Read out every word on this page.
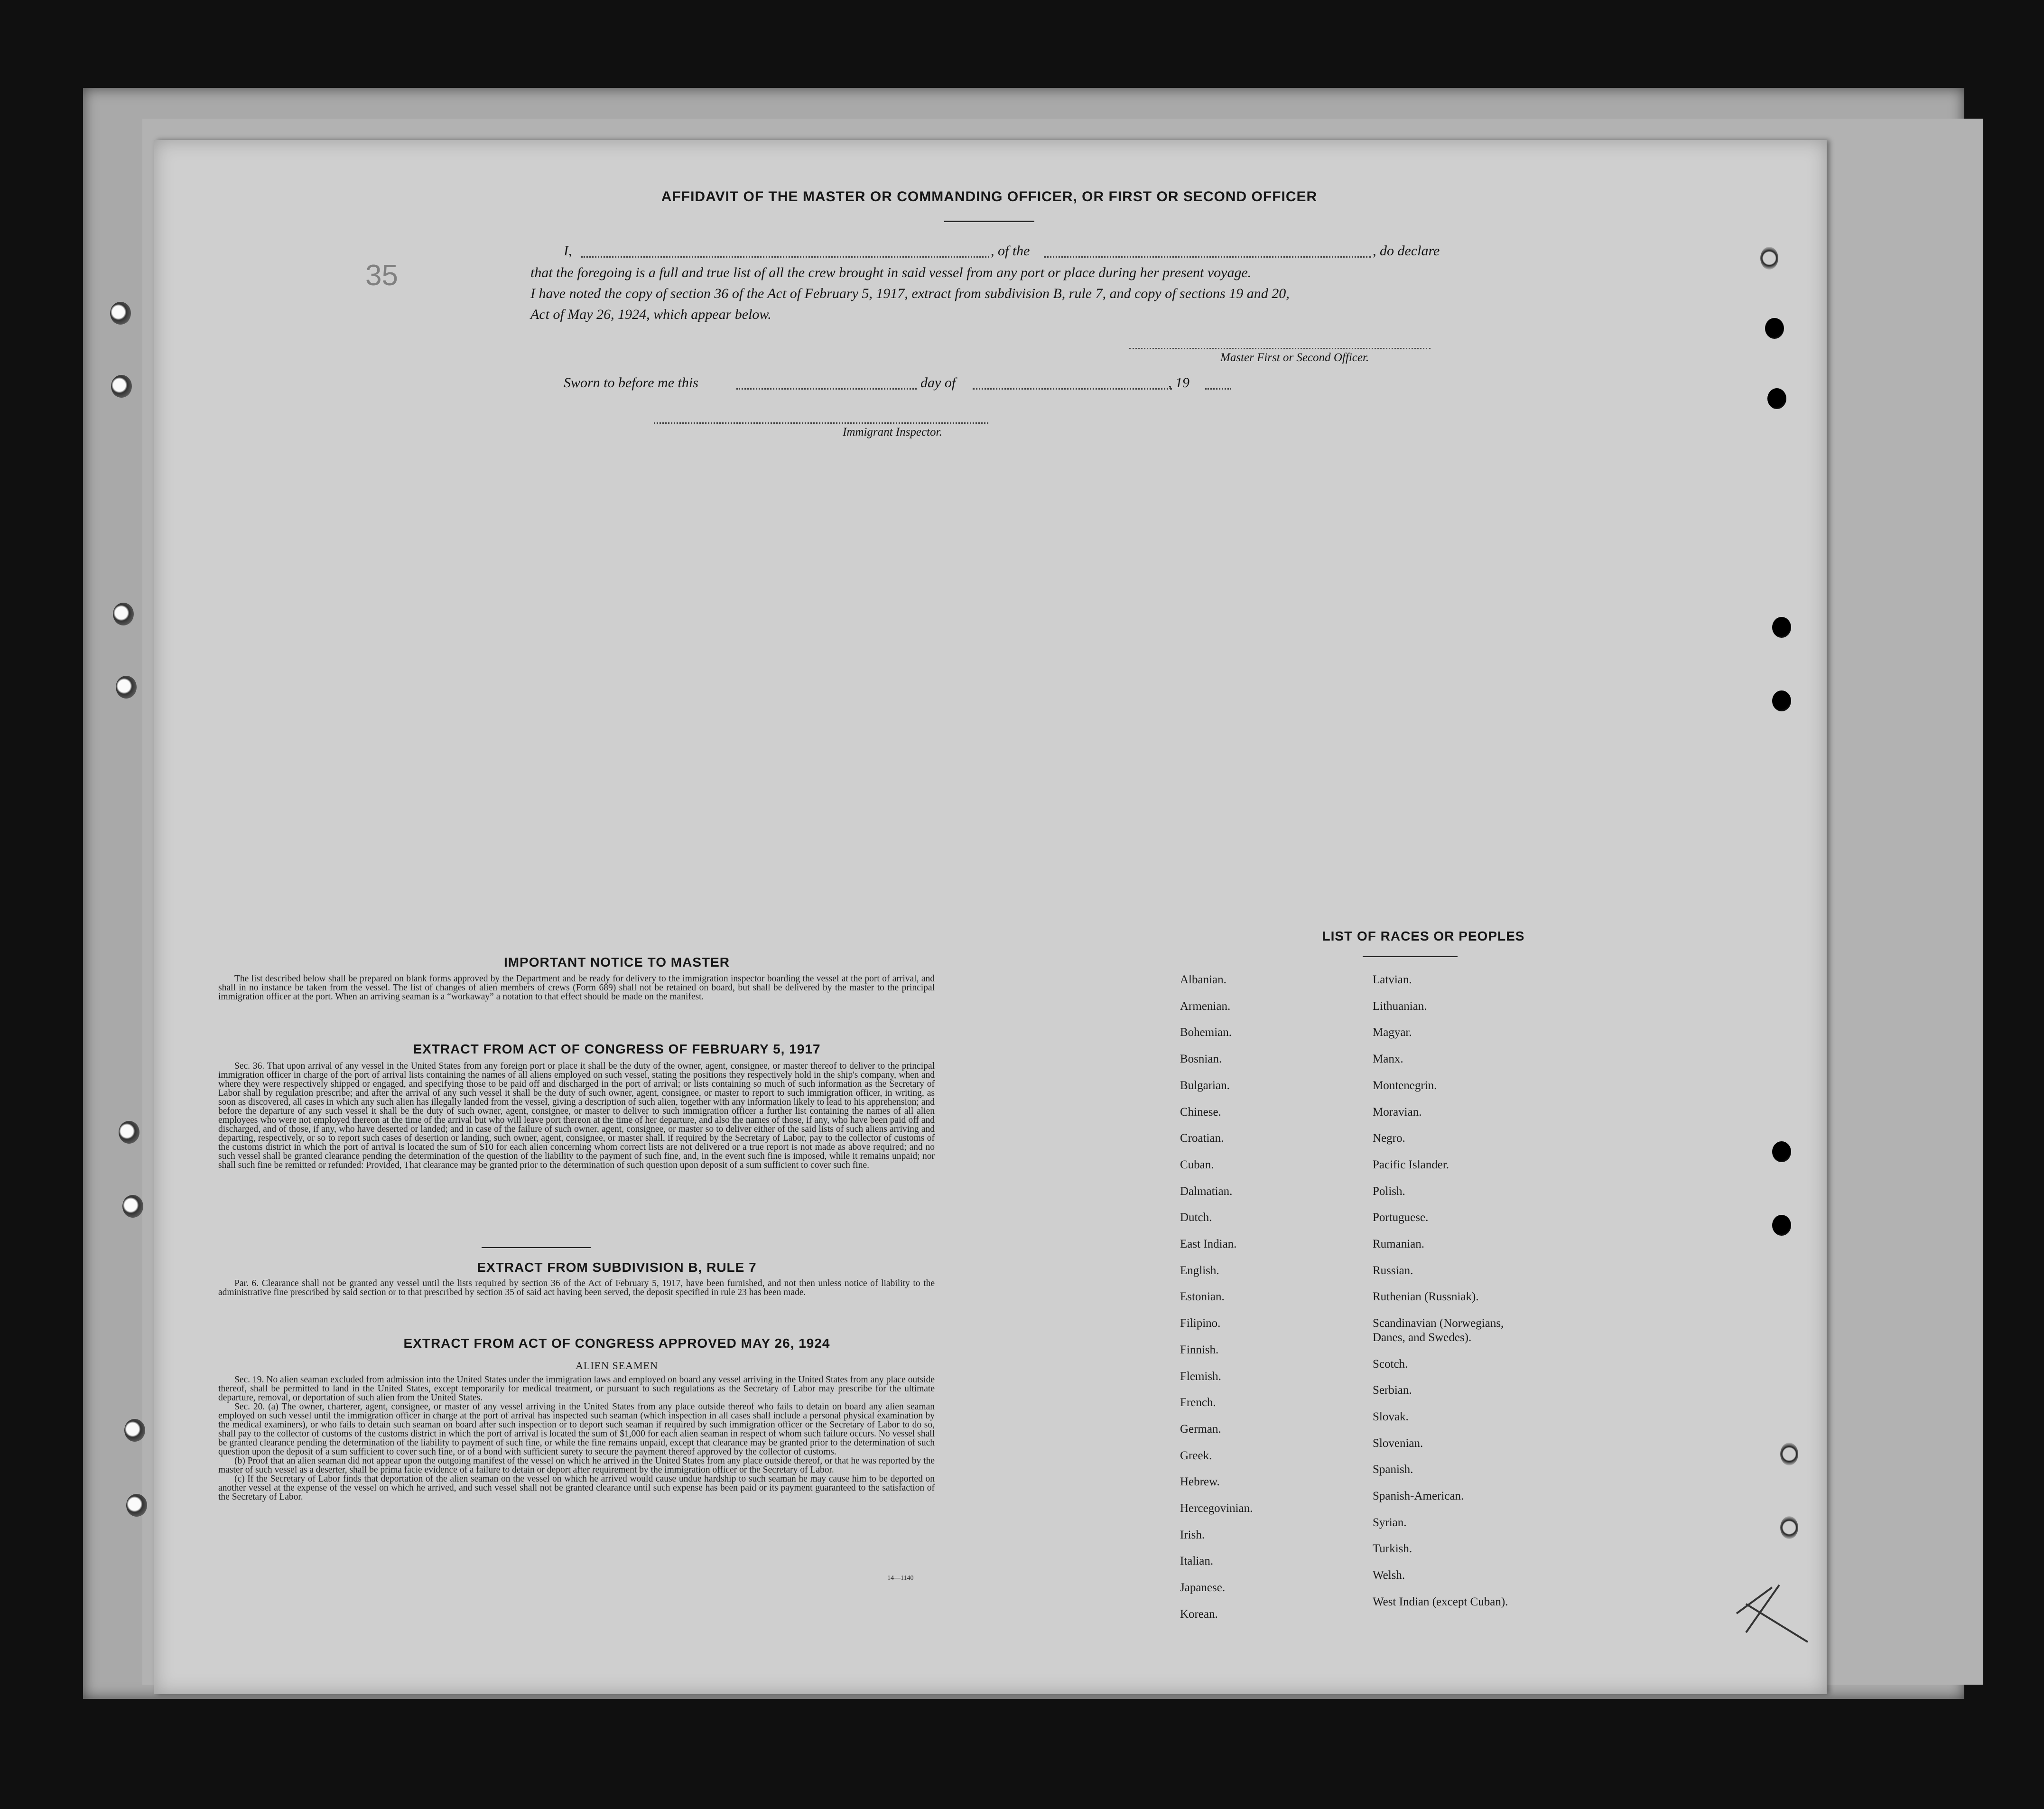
35
AFFIDAVIT OF THE MASTER OR COMMANDING OFFICER, OR FIRST OR SECOND OFFICER
I,	, of the	, do declare
that the foregoing is a full and true list of all the crew brought in said vessel from any port or place during her present voyage.
I have noted the copy of section 36 of the Act of February 5, 1917, extract from subdivision B, rule 7, and copy of sections 19 and 20,
Act of May 26, 1924, which appear below.
Master First or Second Officer.
Sworn to before me this	day of	, 19
Immigrant Inspector.
IMPORTANT NOTICE TO MASTER

The list described below shall be prepared on blank forms approved by the Department and be ready for delivery to the immigration inspector boarding the vessel at the port of arrival, and shall in no instance be taken from the vessel. The list of changes of alien members of crews (Form 689) shall not be retained on board, but shall be delivered by the master to the principal immigration officer at the port. When an arriving seaman is a “workaway” a notation to that effect should be made on the manifest.

EXTRACT FROM ACT OF CONGRESS OF FEBRUARY 5, 1917

Sec. 36. That upon arrival of any vessel in the United States from any foreign port or place it shall be the duty of the owner, agent, consignee, or master thereof to deliver to the principal immigration officer in charge of the port of arrival lists containing the names of all aliens employed on such vessel, stating the positions they respectively hold in the ship's company, when and where they were respectively shipped or engaged, and specifying those to be paid off and discharged in the port of arrival; or lists containing so much of such information as the Secretary of Labor shall by regulation prescribe; and after the arrival of any such vessel it shall be the duty of such owner, agent, consignee, or master to report to such immigration officer, in writing, as soon as discovered, all cases in which any such alien has illegally landed from the vessel, giving a description of such alien, together with any information likely to lead to his apprehension; and before the departure of any such vessel it shall be the duty of such owner, agent, consignee, or master to deliver to such immigration officer a further list containing the names of all alien employees who were not employed thereon at the time of the arrival but who will leave port thereon at the time of her departure, and also the names of those, if any, who have been paid off and discharged, and of those, if any, who have deserted or landed; and in case of the failure of such owner, agent, consignee, or master so to deliver either of the said lists of such aliens arriving and departing, respectively, or so to report such cases of desertion or landing, such owner, agent, consignee, or master shall, if required by the Secretary of Labor, pay to the collector of customs of the customs district in which the port of arrival is located the sum of $10 for each alien concerning whom correct lists are not delivered or a true report is not made as above required; and no such vessel shall be granted clearance pending the determination of the question of the liability to the payment of such fine, and, in the event such fine is imposed, while it remains unpaid; nor shall such fine be remitted or refunded: Provided, That clearance may be granted prior to the determination of such question upon deposit of a sum sufficient to cover such fine.

EXTRACT FROM SUBDIVISION B, RULE 7

Par. 6. Clearance shall not be granted any vessel until the lists required by section 36 of the Act of February 5, 1917, have been furnished, and not then unless notice of liability to the administrative fine prescribed by said section or to that prescribed by section 35 of said act having been served, the deposit specified in rule 23 has been made.

EXTRACT FROM ACT OF CONGRESS APPROVED MAY 26, 1924
ALIEN SEAMEN

Sec. 19. No alien seaman excluded from admission into the United States under the immigration laws and employed on board any vessel arriving in the United States from any place outside thereof, shall be permitted to land in the United States, except temporarily for medical treatment, or pursuant to such regulations as the Secretary of Labor may prescribe for the ultimate departure, removal, or deportation of such alien from the United States.

Sec. 20. (a) The owner, charterer, agent, consignee, or master of any vessel arriving in the United States from any place outside thereof who fails to detain on board any alien seaman employed on such vessel until the immigration officer in charge at the port of arrival has inspected such seaman (which inspection in all cases shall include a personal physical examination by the medical examiners), or who fails to detain such seaman on board after such inspection or to deport such seaman if required by such immigration officer or the Secretary of Labor to do so, shall pay to the collector of customs of the customs district in which the port of arrival is located the sum of $1,000 for each alien seaman in respect of whom such failure occurs. No vessel shall be granted clearance pending the determination of the liability to payment of such fine, or while the fine remains unpaid, except that clearance may be granted prior to the determination of such question upon the deposit of a sum sufficient to cover such fine, or of a bond with sufficient surety to secure the payment thereof approved by the collector of customs.

(b) Proof that an alien seaman did not appear upon the outgoing manifest of the vessel on which he arrived in the United States from any place outside thereof, or that he was reported by the master of such vessel as a deserter, shall be prima facie evidence of a failure to detain or deport after requirement by the immigration officer or the Secretary of Labor.

(c) If the Secretary of Labor finds that deportation of the alien seaman on the vessel on which he arrived would cause undue hardship to such seaman he may cause him to be deported on another vessel at the expense of the vessel on which he arrived, and such vessel shall not be granted clearance until such expense has been paid or its payment guaranteed to the satisfaction of the Secretary of Labor.

14—1140
LIST OF RACES OR PEOPLES
Albanian.
Armenian.
Bohemian.
Bosnian.
Bulgarian.
Chinese.
Croatian.
Cuban.
Dalmatian.
Dutch.
East Indian.
English.
Estonian.
Filipino.
Finnish.
Flemish.
French.
German.
Greek.
Hebrew.
Hercegovinian.
Irish.
Italian.
Japanese.
Korean.
Latvian.
Lithuanian.
Magyar.
Manx.
Montenegrin.
Moravian.
Negro.
Pacific Islander.
Polish.
Portuguese.
Rumanian.
Russian.
Ruthenian (Russniak).
Scandinavian (Norwegians,
Danes, and Swedes).
Scotch.
Serbian.
Slovak.
Slovenian.
Spanish.
Spanish-American.
Syrian.
Turkish.
Welsh.
West Indian (except Cuban).
